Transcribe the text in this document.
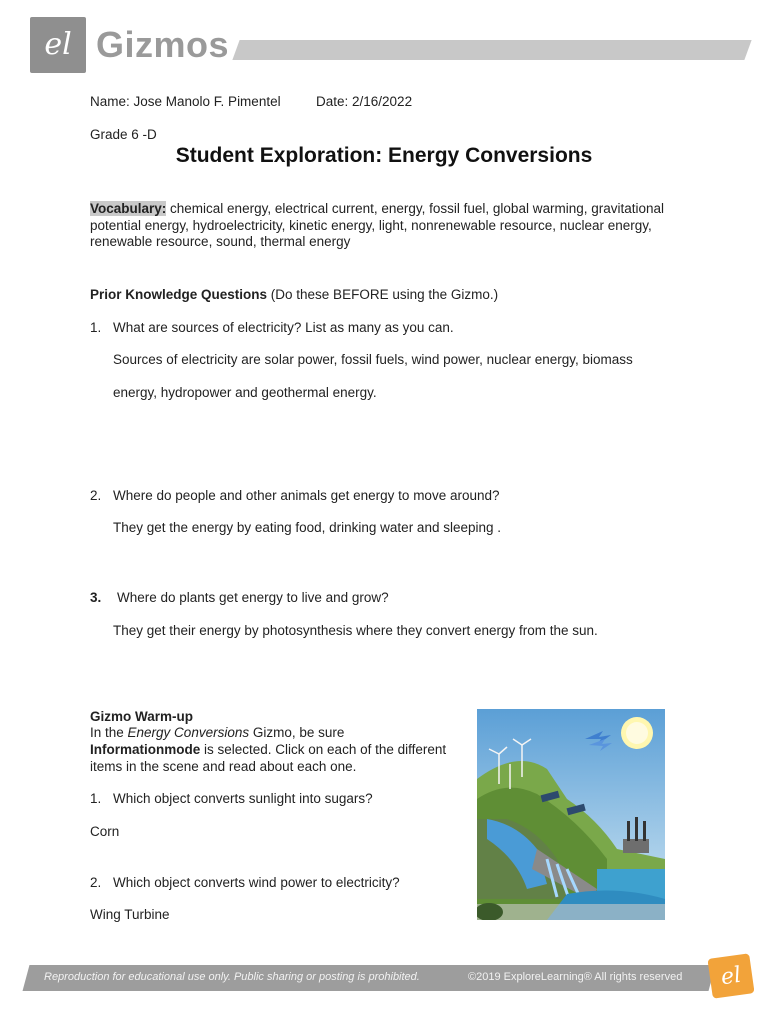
el Gizmos
Name: Jose Manolo F. Pimentel	Date: 2/16/2022
Grade 6 -D
Student Exploration: Energy Conversions
Vocabulary: chemical energy, electrical current, energy, fossil fuel, global warming, gravitational potential energy, hydroelectricity, kinetic energy, light, nonrenewable resource, nuclear energy, renewable resource, sound, thermal energy
Prior Knowledge Questions (Do these BEFORE using the Gizmo.)
1. What are sources of electricity? List as many as you can.
Sources of electricity are solar power, fossil fuels, wind power, nuclear energy, biomass
energy, hydropower and geothermal energy.
2. Where do people and other animals get energy to move around?
They get the energy by eating food, drinking water and sleeping .
3. Where do plants get energy to live and grow?
They get their energy by photosynthesis where they convert energy from the sun.
Gizmo Warm-up
In the Energy Conversions Gizmo, be sure
Informationmode is selected. Click on each of the different
items in the scene and read about each one.
1. Which object converts sunlight into sugars?
Corn
2. Which object converts wind power to electricity?
Wing Turbine
Reproduction for educational use only. Public sharing or posting is prohibited.	©2019 ExploreLearning® All rights reserved el
